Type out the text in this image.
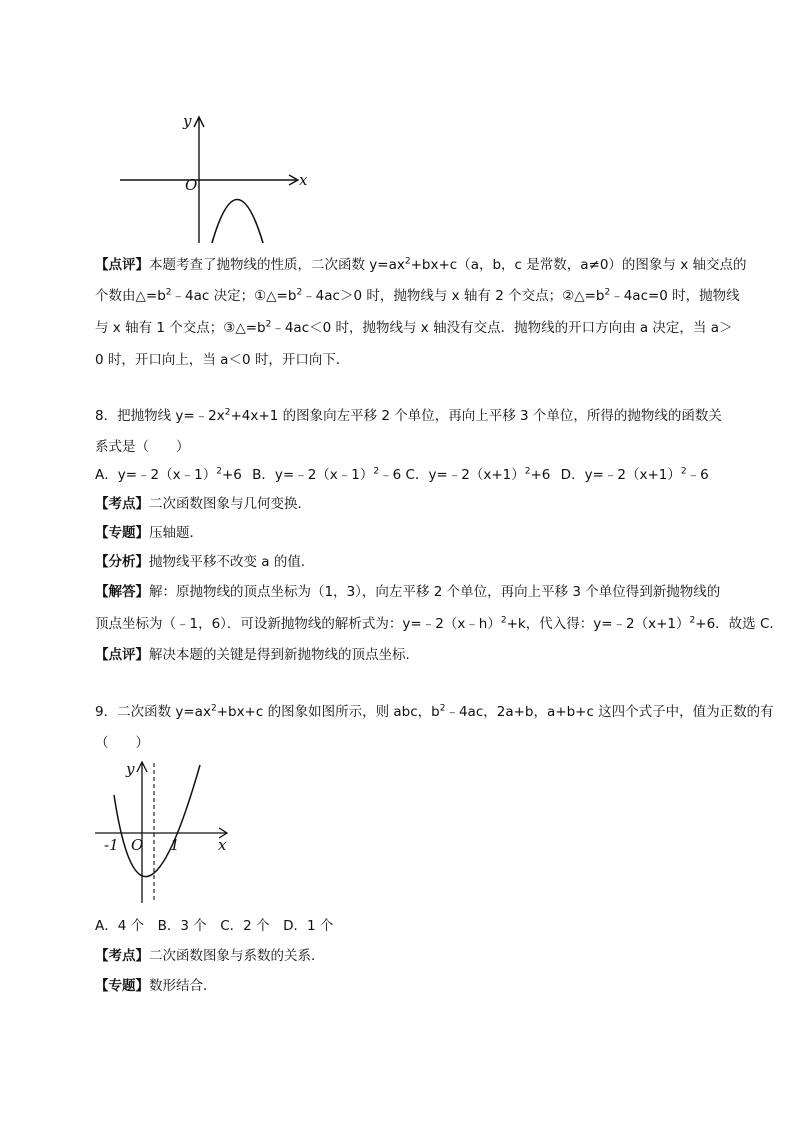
y
x
O
【点评】本题考查了抛物线的性质，二次函数 $y=ax^2+bx+c(a$，b，c 是常数，a≠0）的图象与 x 轴交点的
个数由$\triangle=b^2﹣4ac$ 决定；$①\triangle=b^2﹣4ac>0$ 时，抛物线与 x 轴有 2 个交点；$②\triangle=b^2﹣4ac=0$ 时，抛物线
与 x 轴有 1 个交点；$③\triangle=b^2﹣4ac<0$ 时，抛物线与 x 轴没有交点．抛物线的开口方向由 a 决定，当 a＞
0 时，开口向上，当 a＜0 时，开口向下．
8．把抛物线 $y=﹣2x^2+4x+1$ 的图象向左平移 2 个单位，再向上平移 3 个单位，所得的抛物线的函数关
系式是（　　）
A．y=﹣2（x﹣1）$^2$+6 B．y=﹣2（x﹣1）$^2$﹣6 C．$y=﹣2(x+1)^2+6$ D．$y=﹣2(x+1)^2﹣6$
【考点】二次函数图象与几何变换．
【专题】压轴题．
【分析】抛物线平移不改变 a 的值．
【解答】解：原抛物线的顶点坐标为（1，3），向左平移 2 个单位，再向上平移 3 个单位得到新抛物线的
顶点坐标为（﹣1，6）．可设新抛物线的解析式为：y=﹣2（x﹣h）$^2$+k，代入得：$y=﹣2(x+1)^2+6$．故选 C．
【点评】解决本题的关键是得到新抛物线的顶点坐标．
9．二次函数 $y=ax^2+bx+c$ 的图象如图所示，则 abc，$b^2﹣4ac$，2a+b，a+b+c 这四个式子中，值为正数的有
（　　）
y
x
O
-1	1
A．4 个　B．3 个　C．2 个　D．1 个
【考点】二次函数图象与系数的关系．
【专题】数形结合．
